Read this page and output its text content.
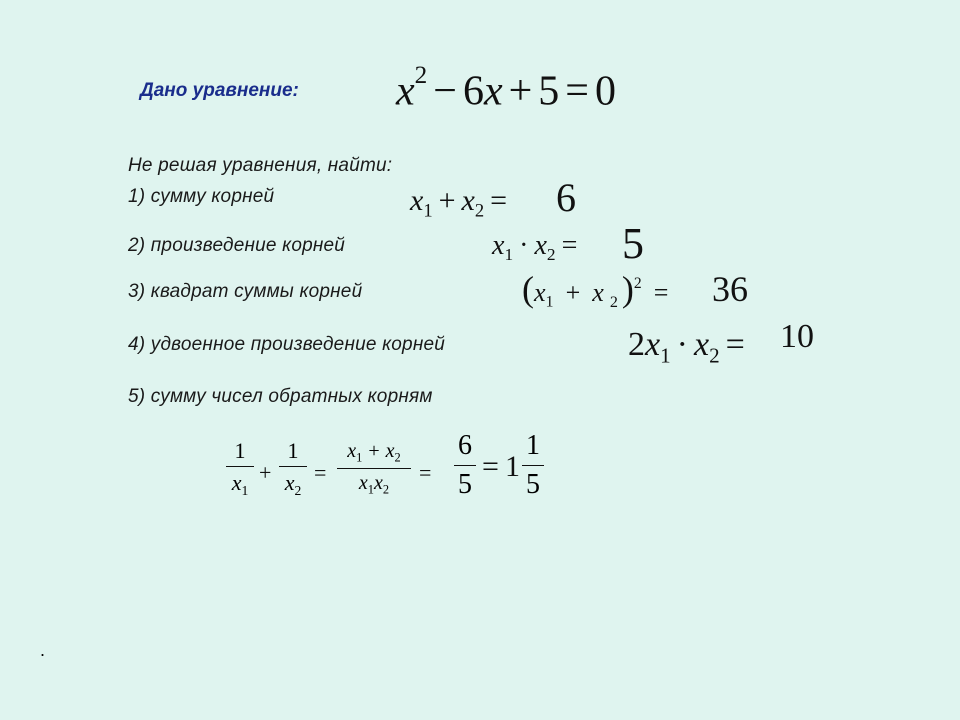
Дано уравнение: $x^2 - 6x + 5 = 0$
Не решая уравнения, найти:
1) сумму корней
2) произведение корней
3) квадрат суммы корней
4) удвоенное произведение корней
5) сумму чисел обратных корням
$x_1 + x_2 = 6$
$x_1 \cdot x_2 = 5$
($x_1 + x$ $_2$ )$^2$ =	36
$2x_1 \cdot x_2 = 10$
1
$x_1$
+
1
$x_2$
=
$x_1 + x_2$
$x_1x_2$
=
6
5
= 1
1
5
.
